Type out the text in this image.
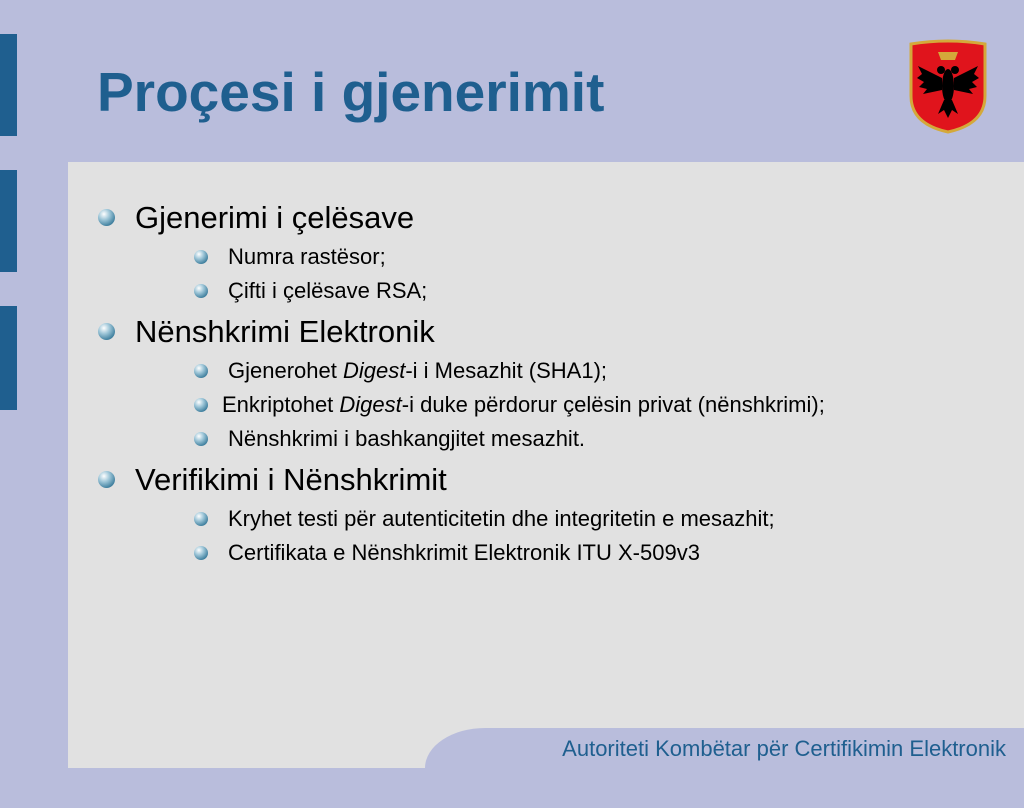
Proçesi i gjenerimit
Gjenerimi i çelësave
Numra rastësor;
Çifti i çelësave RSA;
Nënshkrimi Elektronik
Gjenerohet Digest-i i Mesazhit (SHA1);
Enkriptohet Digest-i duke përdorur çelësin privat (nënshkrimi);
Nënshkrimi i bashkangjitet mesazhit.
Verifikimi i Nënshkrimit
Kryhet testi për autenticitetin dhe integritetin e mesazhit;
Certifikata e Nënshkrimit Elektronik ITU X-509v3
Autoriteti Kombëtar për Certifikimin Elektronik
